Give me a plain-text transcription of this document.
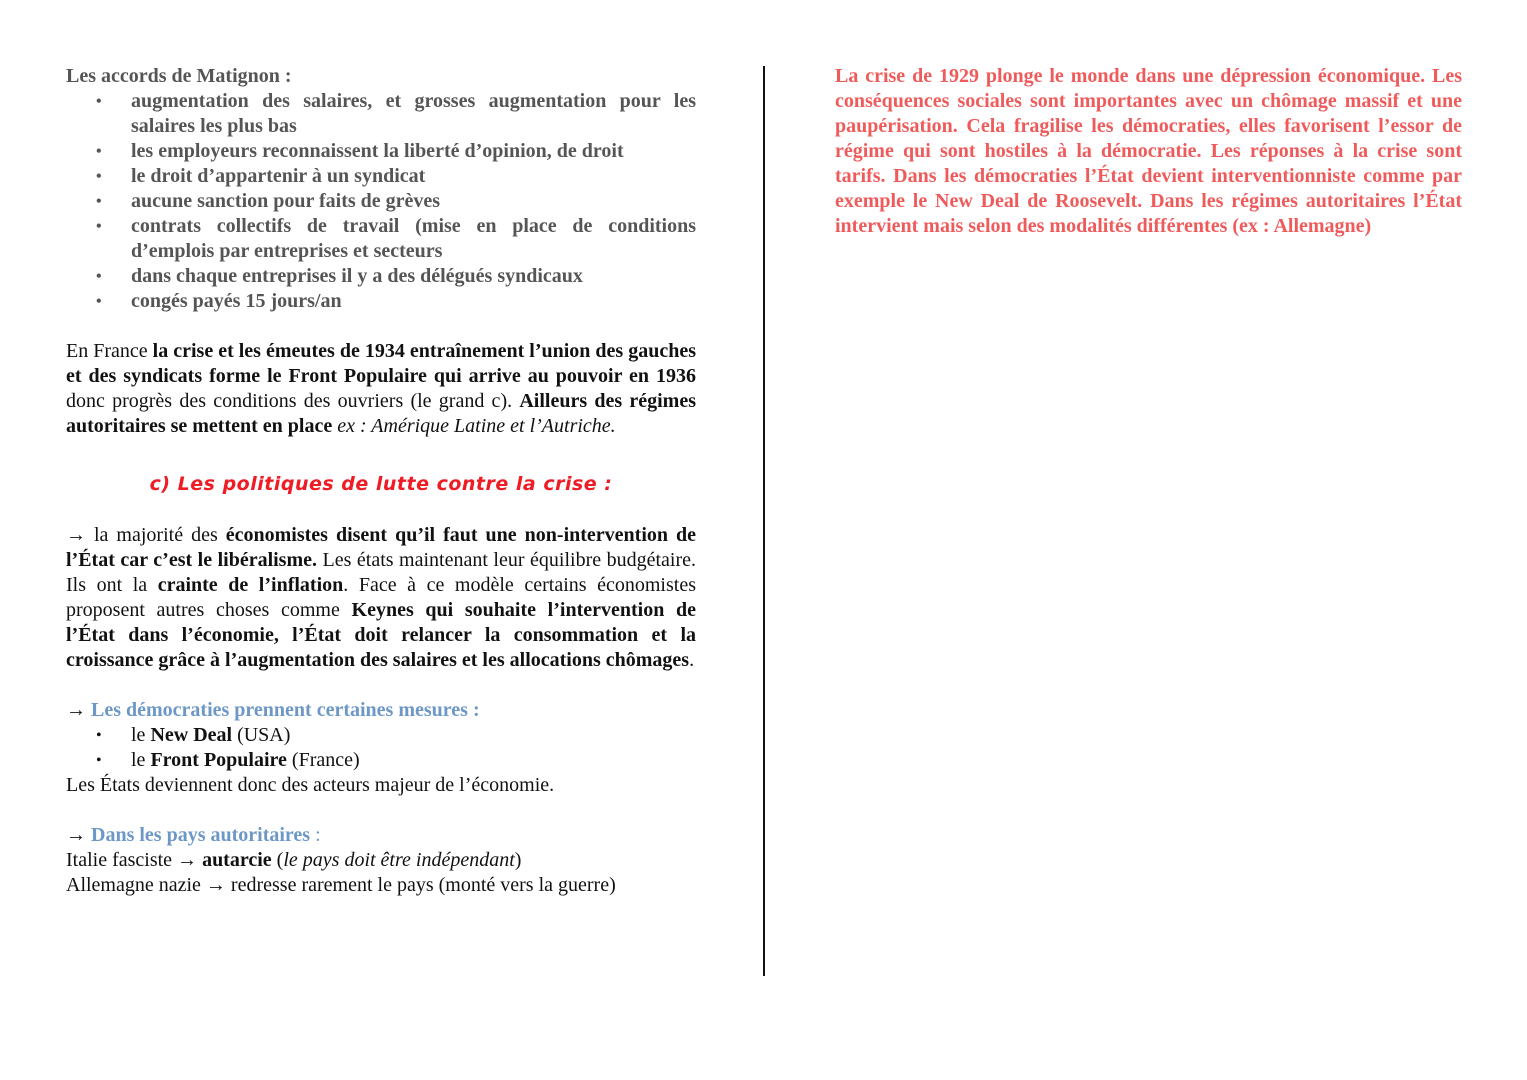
Les accords de Matignon :

• augmentation des salaires, et grosses augmentation pour les salaires les plus bas
• les employeurs reconnaissent la liberté d’opinion, de droit
• le droit d’appartenir à un syndicat
• aucune sanction pour faits de grèves
• contrats collectifs de travail (mise en place de conditions d’emplois par entreprises et secteurs
• dans chaque entreprises il y a des délégués syndicaux
• congés payés 15 jours/an

En France la crise et les émeutes de 1934 entraînement l’union des gauches et des syndicats forme le Front Populaire qui arrive au pouvoir en 1936 donc progrès des conditions des ouvriers (le grand c). Ailleurs des régimes autoritaires se mettent en place ex : Amérique Latine et l’Autriche.

c) Les politiques de lutte contre la crise :

→ la majorité des économistes disent qu’il faut une non-intervention de l’État car c’est le libéralisme. Les états maintenant leur équilibre budgétaire. Ils ont la crainte de l’inflation. Face à ce modèle certains économistes proposent autres choses comme Keynes qui souhaite l’intervention de l’État dans l’économie, l’État doit relancer la consommation et la croissance grâce à l’augmentation des salaires et les allocations chômages.

→ Les démocraties prennent certaines mesures :

• le New Deal (USA)
• le Front Populaire (France)

Les États deviennent donc des acteurs majeur de l’économie.

→ Dans les pays autoritaires :

Italie fasciste → autarcie (le pays doit être indépendant)

Allemagne nazie → redresse rarement le pays (monté vers la guerre)

La crise de 1929 plonge le monde dans une dépression économique. Les conséquences sociales sont importantes avec un chômage massif et une paupérisation. Cela fragilise les démocraties, elles favorisent l’essor de régime qui sont hostiles à la démocratie. Les réponses à la crise sont tarifs. Dans les démocraties l’État devient interventionniste comme par exemple le New Deal de Roosevelt. Dans les régimes autoritaires l’État intervient mais selon des modalités différentes (ex : Allemagne)
